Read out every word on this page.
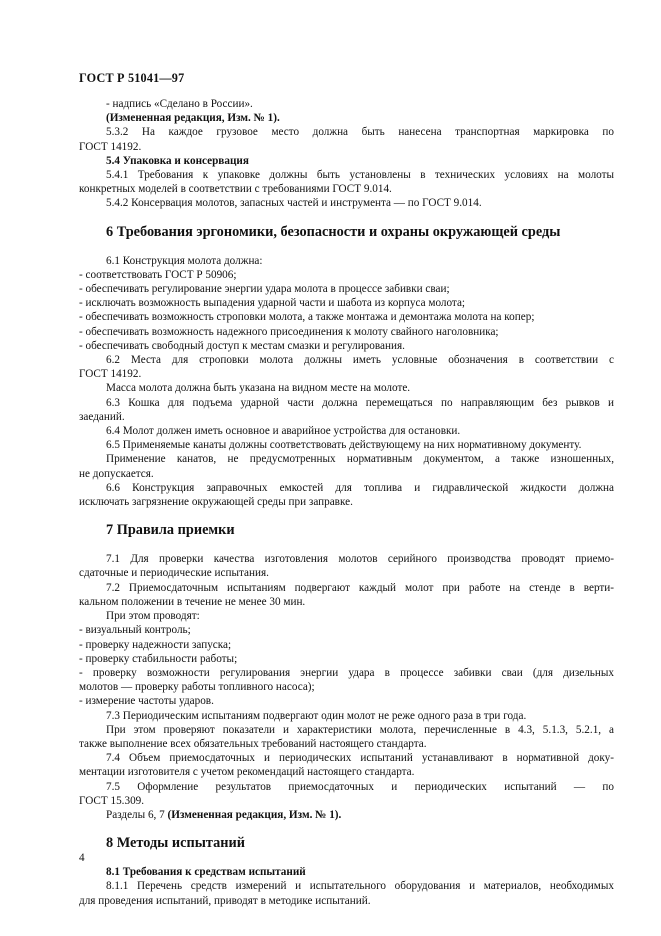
ГОСТ Р 51041—97
- надпись «Сделано в России».
(Измененная редакция, Изм. № 1).
5.3.2 На каждое грузовое место должна быть нанесена транспортная маркировка по
ГОСТ 14192.
5.4 Упаковка и консервация
5.4.1 Требования к упаковке должны быть установлены в технических условиях на молоты
конкретных моделей в соответствии с требованиями ГОСТ 9.014.
5.4.2 Консервация молотов, запасных частей и инструмента — по ГОСТ 9.014.
6 Требования эргономики, безопасности и охраны окружающей среды
6.1 Конструкция молота должна:
- соответствовать ГОСТ Р 50906;
- обеспечивать регулирование энергии удара молота в процессе забивки сваи;
- исключать возможность выпадения ударной части и шабота из корпуса молота;
- обеспечивать возможность строповки молота, а также монтажа и демонтажа молота на копер;
- обеспечивать возможность надежного присоединения к молоту свайного наголовника;
- обеспечивать свободный доступ к местам смазки и регулирования.
6.2 Места для строповки молота должны иметь условные обозначения в соответствии с
ГОСТ 14192.
Масса молота должна быть указана на видном месте на молоте.
6.3 Кошка для подъема ударной части должна перемещаться по направляющим без рывков и
заеданий.
6.4 Молот должен иметь основное и аварийное устройства для остановки.
6.5 Применяемые канаты должны соответствовать действующему на них нормативному документу.
Применение канатов, не предусмотренных нормативным документом, а также изношенных,
не допускается.
6.6 Конструкция заправочных емкостей для топлива и гидравлической жидкости должна
исключать загрязнение окружающей среды при заправке.
7 Правила приемки
7.1 Для проверки качества изготовления молотов серийного производства проводят приемо-
сдаточные и периодические испытания.
7.2 Приемосдаточным испытаниям подвергают каждый молот при работе на стенде в верти-
кальном положении в течение не менее 30 мин.
При этом проводят:
- визуальный контроль;
- проверку надежности запуска;
- проверку стабильности работы;
- проверку возможности регулирования энергии удара в процессе забивки сваи (для дизельных
молотов — проверку работы топливного насоса);
- измерение частоты ударов.
7.3 Периодическим испытаниям подвергают один молот не реже одного раза в три года.
При этом проверяют показатели и характеристики молота, перечисленные в 4.3, 5.1.3, 5.2.1, а
также выполнение всех обязательных требований настоящего стандарта.
7.4 Объем приемосдаточных и периодических испытаний устанавливают в нормативной доку-
ментации изготовителя с учетом рекомендаций настоящего стандарта.
7.5 Оформление результатов приемосдаточных и периодических испытаний — по
ГОСТ 15.309.
Разделы 6, 7 (Измененная редакция, Изм. № 1).
8 Методы испытаний
8.1 Требования к средствам испытаний
8.1.1 Перечень средств измерений и испытательного оборудования и материалов, необходимых
для проведения испытаний, приводят в методике испытаний.
4
